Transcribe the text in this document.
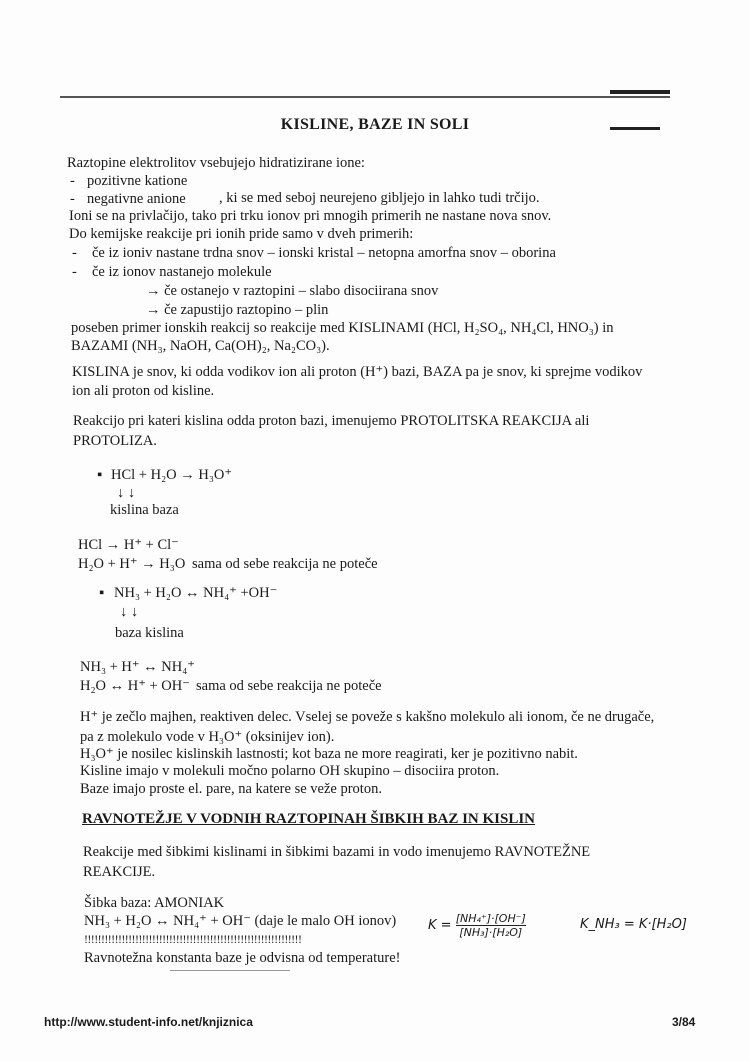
KISLINE, BAZE IN SOLI
Raztopine elektrolitov vsebujejo hidratizirane ione:
- pozitivne katione
- negativne anione , ki se med seboj neurejeno gibljejo in lahko tudi trčijo.
Ioni se na privlačijo, tako pri trku ionov pri mnogih primerih ne nastane nova snov.
Do kemijske reakcije pri ionih pride samo v dveh primerih:
- če iz ioniv nastane trdna snov – ionski kristal – netopna amorfna snov – oborina
- če iz ionov nastanejo molekule
→ če ostanejo v raztopini – slabo disociirana snov
→ če zapustijo raztopino – plin
poseben primer ionskih reakcij so reakcije med KISLINAMI (HCl, H₂SO₄, NH₄Cl, HNO₃) in
BAZAMI (NH₃, NaOH, Ca(OH)₂, Na₂CO₃).
KISLINA je snov, ki odda vodikov ion ali proton (H⁺) bazi, BAZA pa je snov, ki sprejme vodikov
ion ali proton od kisline.
Reakcijo pri kateri kislina odda proton bazi, imenujemo PROTOLITSKA REAKCIJA ali
PROTOLIZA.
▪ HCl + H₂O → H₃O⁺
↓ ↓
kislina baza
HCl → H⁺ + Cl⁻
H₂O + H⁺ → H₃O sama od sebe reakcija ne poteče
▪ NH₃ + H₂O ↔ NH₄⁺ +OH⁻
↓ ↓
baza kislina
NH₃ + H⁺ ↔ NH₄⁺
H₂O ↔ H⁺ + OH⁻ sama od sebe reakcija ne poteče
H⁺ je zečlo majhen, reaktiven delec. Vselej se poveže s kakšno molekulo ali ionom, če ne drugače,
pa z molekulo vode v H₃O⁺ (oksinijev ion).
H₃O⁺ je nosilec kislinskih lastnosti; kot baza ne more reagirati, ker je pozitivno nabit.
Kisline imajo v molekuli močno polarno OH skupino – disociira proton.
Baze imajo proste el. pare, na katere se veže proton.
RAVNOTEŽJE V VODNIH RAZTOPINAH ŠIBKIH BAZ IN KISLIN
Reakcije med šibkimi kislinami in šibkimi bazami in vodo imenujemo RAVNOTEŽNE
REAKCIJE.
Šibka baza: AMONIAK
NH₃ + H₂O ↔ NH₄⁺ + OH⁻ (daje le malo OH ionov)
!!!!!!!!!!!!!!!!!!!!!!!!!!!!!!!!!!!!!!!!!!!!!!!!!!!!!!!!!!!!!!!!
Ravnotežna konstanta baze je odvisna od temperature!
$K = \frac{\text{[NH₄⁺]·[OH⁻]}}{\text{[NH₃]·[H₂O]}}$	K_NH₃ = K·[H₂O]
http://www.student-info.net/knjiznica	3/84
